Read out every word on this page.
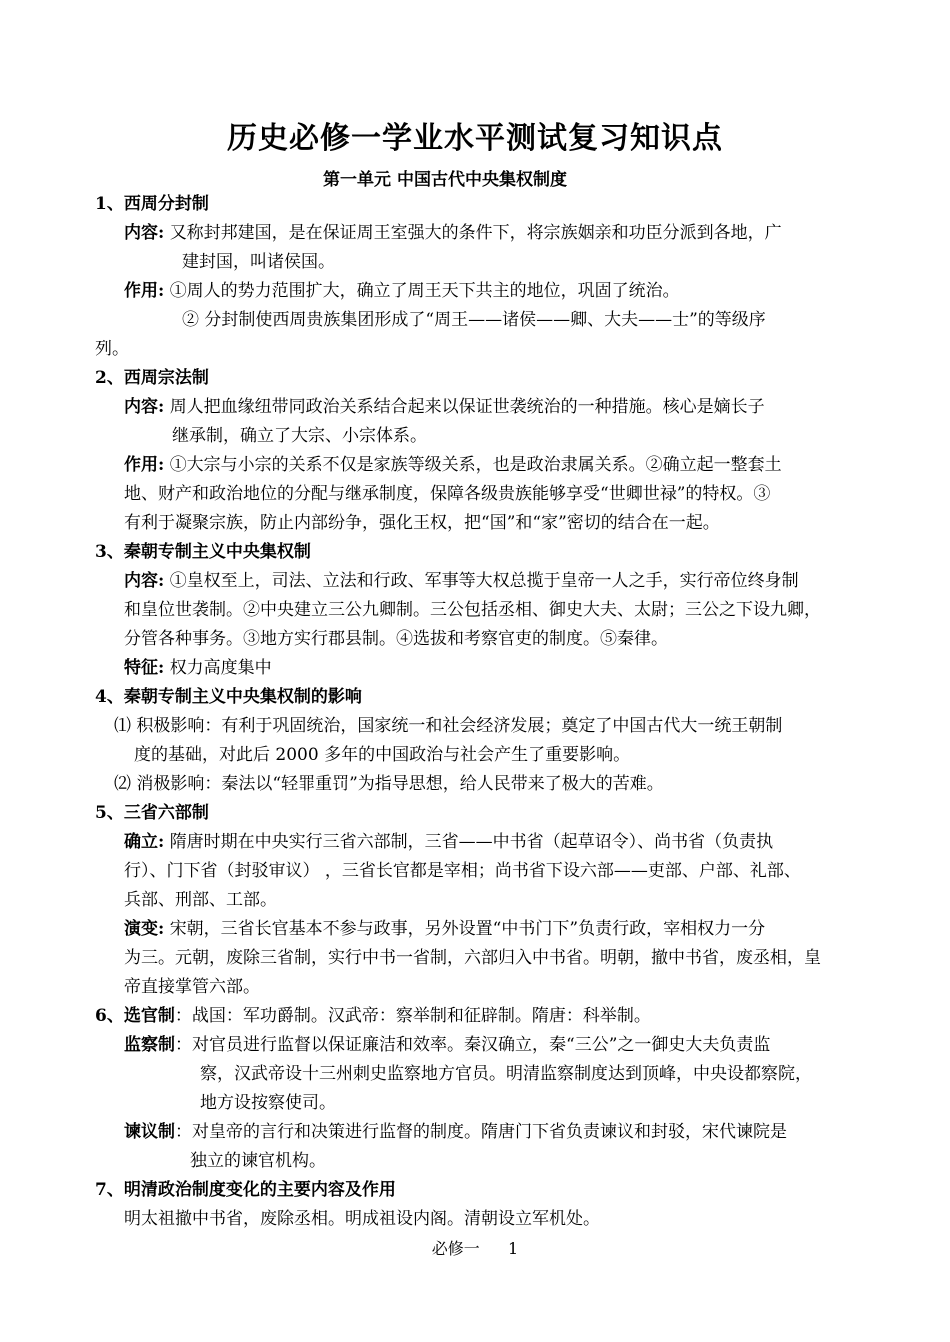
历史必修一学业水平测试复习知识点
第一单元 中国古代中央集权制度
1、西周分封制
内容: 又称封邦建国，是在保证周王室强大的条件下，将宗族姻亲和功臣分派到各地，广
建封国，叫诸侯国。
作用: ①周人的势力范围扩大，确立了周王天下共主的地位，巩固了统治。
② 分封制使西周贵族集团形成了“周王——诸侯——卿、大夫——士”的等级序
列。
2、西周宗法制
内容: 周人把血缘纽带同政治关系结合起来以保证世袭统治的一种措施。核心是嫡长子
继承制，确立了大宗、小宗体系。
作用: ①大宗与小宗的关系不仅是家族等级关系，也是政治隶属关系。②确立起一整套土
地、财产和政治地位的分配与继承制度，保障各级贵族能够享受“世卿世禄”的特权。③
有利于凝聚宗族，防止内部纷争，强化王权，把“国”和“家”密切的结合在一起。
3、秦朝专制主义中央集权制
内容: ①皇权至上，司法、立法和行政、军事等大权总揽于皇帝一人之手，实行帝位终身制
和皇位世袭制。②中央建立三公九卿制。三公包括丞相、御史大夫、太尉；三公之下设九卿，
分管各种事务。③地方实行郡县制。④选拔和考察官吏的制度。⑤秦律。
特征: 权力高度集中
4、秦朝专制主义中央集权制的影响
⑴ 积极影响：有利于巩固统治，国家统一和社会经济发展；奠定了中国古代大一统王朝制
度的基础，对此后 2000 多年的中国政治与社会产生了重要影响。
⑵ 消极影响：秦法以“轻罪重罚”为指导思想，给人民带来了极大的苦难。
5、三省六部制
确立: 隋唐时期在中央实行三省六部制，三省——中书省（起草诏令）、尚书省（负责执
行）、门下省（封驳审议） ，三省长官都是宰相；尚书省下设六部——吏部、户部、礼部、
兵部、刑部、工部。
演变: 宋朝，三省长官基本不参与政事，另外设置“中书门下”负责行政，宰相权力一分
为三。元朝，废除三省制，实行中书一省制，六部归入中书省。明朝，撤中书省，废丞相，皇
帝直接掌管六部。
6、选官制：战国：军功爵制。汉武帝：察举制和征辟制。隋唐：科举制。
监察制：对官员进行监督以保证廉洁和效率。秦汉确立，秦“三公”之一御史大夫负责监
察，汉武帝设十三州刺史监察地方官员。明清监察制度达到顶峰，中央设都察院，
地方设按察使司。
谏议制：对皇帝的言行和决策进行监督的制度。隋唐门下省负责谏议和封驳，宋代谏院是
独立的谏官机构。
7、明清政治制度变化的主要内容及作用
明太祖撤中书省，废除丞相。明成祖设内阁。清朝设立军机处。
必修一 1
